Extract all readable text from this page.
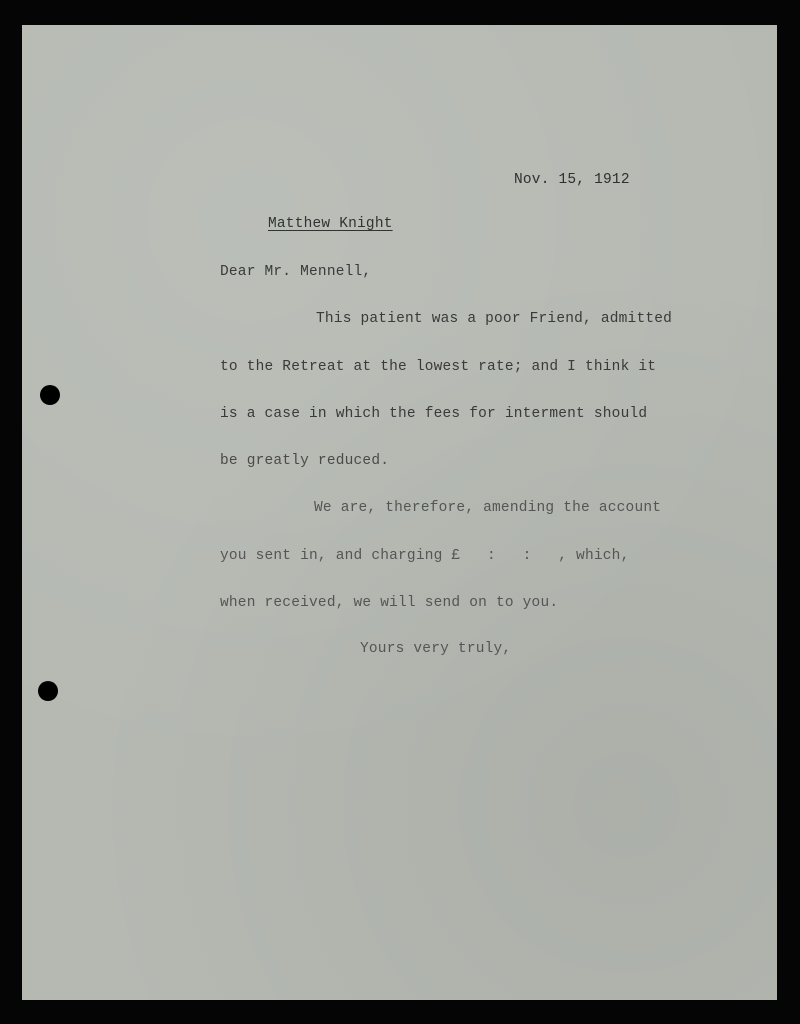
Nov. 15, 1912
Matthew Knight
Dear Mr. Mennell,
This patient was a poor Friend, admitted
to the Retreat at the lowest rate; and I think it
is a case in which the fees for interment should
be greatly reduced.
We are, therefore, amending the account
you sent in, and charging £   :   :   , which,
when received, we will send on to you.
Yours very truly,
